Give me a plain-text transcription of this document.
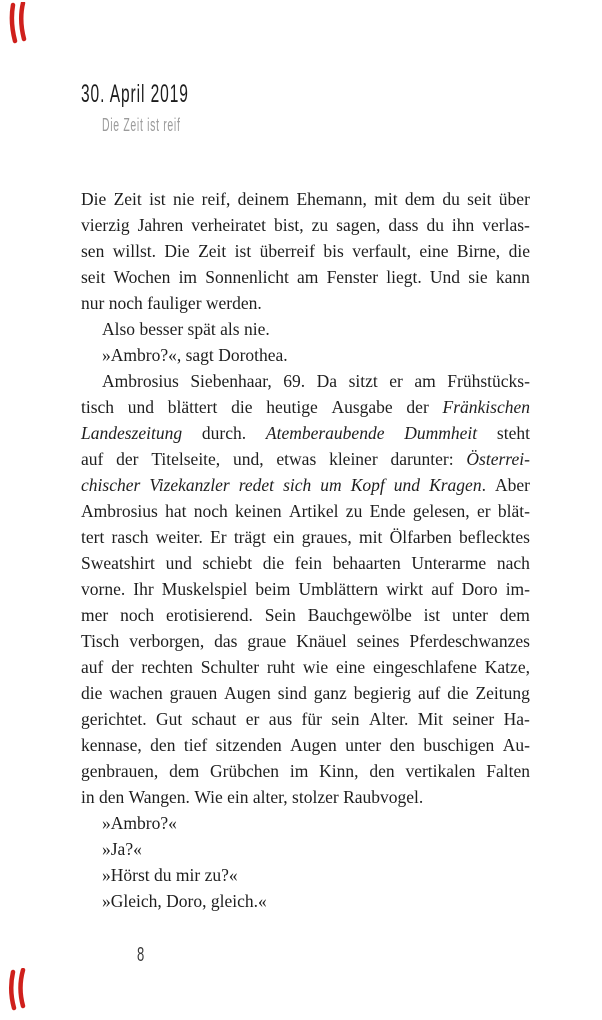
30. April 2019
Die Zeit ist reif
Die Zeit ist nie reif, deinem Ehemann, mit dem du seit über
vierzig Jahren verheiratet bist, zu sagen, dass du ihn verlas-
sen willst. Die Zeit ist überreif bis verfault, eine Birne, die
seit Wochen im Sonnenlicht am Fenster liegt. Und sie kann
nur noch fauliger werden.
Also besser spät als nie.
»Ambro?«, sagt Dorothea.
Ambrosius Siebenhaar, 69. Da sitzt er am Frühstücks-
tisch und blättert die heutige Ausgabe der Fränkischen
Landeszeitung durch. Atemberaubende Dummheit steht
auf der Titelseite, und, etwas kleiner darunter: Österrei-
chischer Vizekanzler redet sich um Kopf und Kragen. Aber
Ambrosius hat noch keinen Artikel zu Ende gelesen, er blät-
tert rasch weiter. Er trägt ein graues, mit Ölfarben beflecktes
Sweatshirt und schiebt die fein behaarten Unterarme nach
vorne. Ihr Muskelspiel beim Umblättern wirkt auf Doro im-
mer noch erotisierend. Sein Bauchgewölbe ist unter dem
Tisch verborgen, das graue Knäuel seines Pferdeschwanzes
auf der rechten Schulter ruht wie eine eingeschlafene Katze,
die wachen grauen Augen sind ganz begierig auf die Zeitung
gerichtet. Gut schaut er aus für sein Alter. Mit seiner Ha-
kennase, den tief sitzenden Augen unter den buschigen Au-
genbrauen, dem Grübchen im Kinn, den vertikalen Falten
in den Wangen. Wie ein alter, stolzer Raubvogel.
»Ambro?«
»Ja?«
»Hörst du mir zu?«
»Gleich, Doro, gleich.«
8
